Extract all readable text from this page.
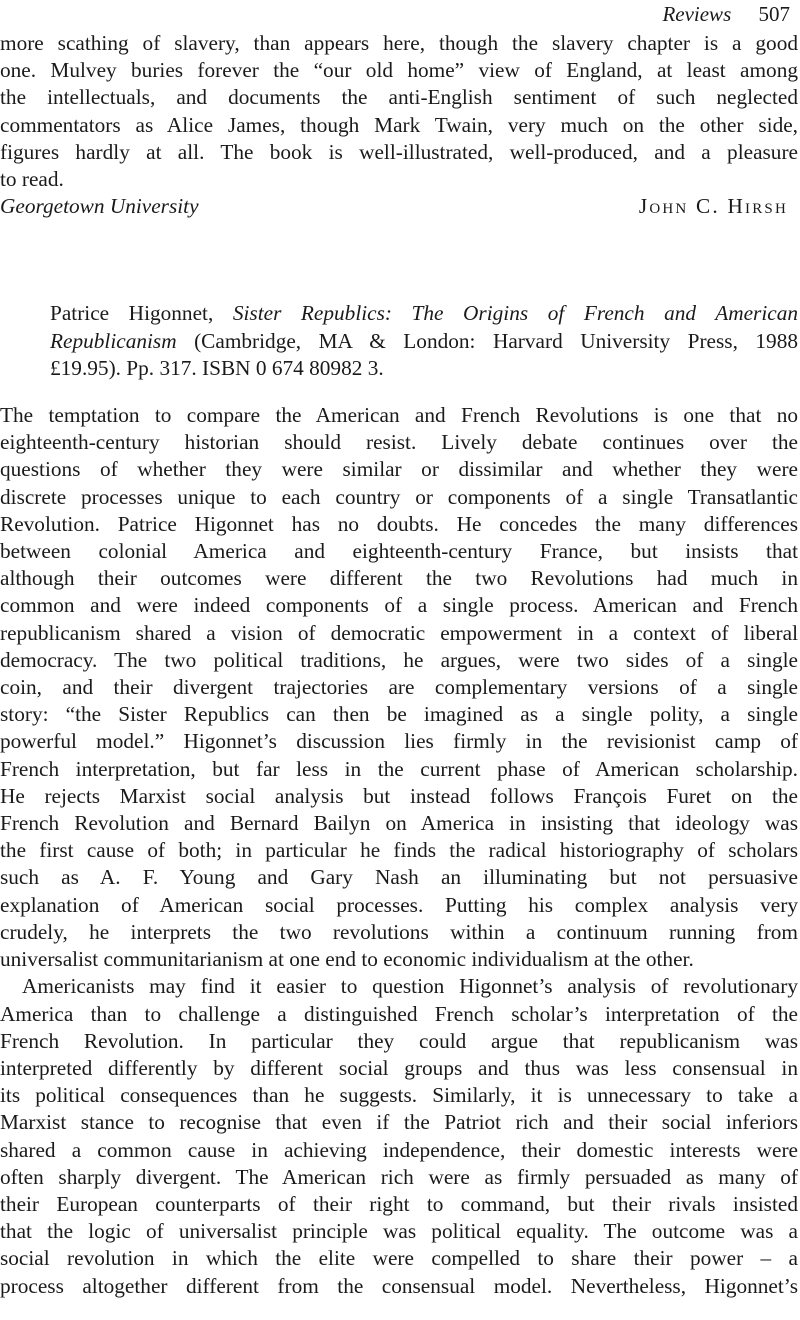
Reviews 507
more scathing of slavery, than appears here, though the slavery chapter is a good
one. Mulvey buries forever the “our old home” view of England, at least among
the intellectuals, and documents the anti-English sentiment of such neglected
commentators as Alice James, though Mark Twain, very much on the other side,
figures hardly at all. The book is well-illustrated, well-produced, and a pleasure
to read.
Georgetown University	John C. Hirsh
Patrice Higonnet, Sister Republics: The Origins of French and American
Republicanism (Cambridge, MA & London: Harvard University Press, 1988
£19.95). Pp. 317. ISBN 0 674 80982 3.
The temptation to compare the American and French Revolutions is one that no
eighteenth-century historian should resist. Lively debate continues over the
questions of whether they were similar or dissimilar and whether they were
discrete processes unique to each country or components of a single Transatlantic
Revolution. Patrice Higonnet has no doubts. He concedes the many differences
between colonial America and eighteenth-century France, but insists that
although their outcomes were different the two Revolutions had much in
common and were indeed components of a single process. American and French
republicanism shared a vision of democratic empowerment in a context of liberal
democracy. The two political traditions, he argues, were two sides of a single
coin, and their divergent trajectories are complementary versions of a single
story: “the Sister Republics can then be imagined as a single polity, a single
powerful model.” Higonnet’s discussion lies firmly in the revisionist camp of
French interpretation, but far less in the current phase of American scholarship.
He rejects Marxist social analysis but instead follows François Furet on the
French Revolution and Bernard Bailyn on America in insisting that ideology was
the first cause of both; in particular he finds the radical historiography of scholars
such as A. F. Young and Gary Nash an illuminating but not persuasive
explanation of American social processes. Putting his complex analysis very
crudely, he interprets the two revolutions within a continuum running from
universalist communitarianism at one end to economic individualism at the other.
Americanists may find it easier to question Higonnet’s analysis of revolutionary
America than to challenge a distinguished French scholar’s interpretation of the
French Revolution. In particular they could argue that republicanism was
interpreted differently by different social groups and thus was less consensual in
its political consequences than he suggests. Similarly, it is unnecessary to take a
Marxist stance to recognise that even if the Patriot rich and their social inferiors
shared a common cause in achieving independence, their domestic interests were
often sharply divergent. The American rich were as firmly persuaded as many of
their European counterparts of their right to command, but their rivals insisted
that the logic of universalist principle was political equality. The outcome was a
social revolution in which the elite were compelled to share their power – a
process altogether different from the consensual model. Nevertheless, Higonnet’s
